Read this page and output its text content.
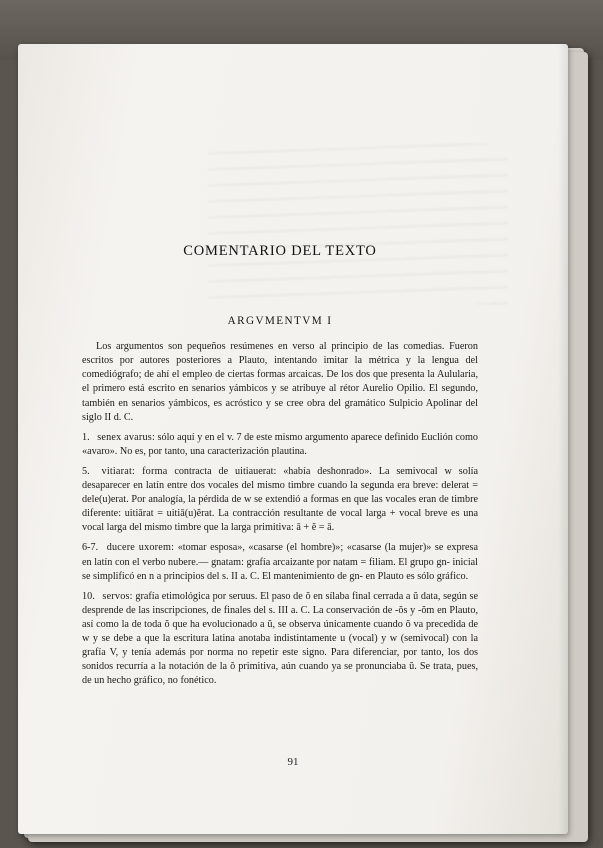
COMENTARIO DEL TEXTO
ARGVMENTVM I

Los argumentos son pequeños resúmenes en verso al principio de las comedias. Fueron escritos por autores posteriores a Plauto, intentando imitar la métrica y la lengua del comediógrafo; de ahí el empleo de ciertas formas arcaicas. De los dos que presenta la Aulularia, el primero está escrito en senarios yámbicos y se atribuye al rétor Aurelio Opilio. El segundo, también en senarios yámbicos, es acróstico y se cree obra del gramático Sulpicio Apolinar del siglo II d. C.

1. senex avarus: sólo aquí y en el v. 7 de este mismo argumento aparece definido Euclión como «avaro». No es, por tanto, una caracterización plautina.

5. vitiarat: forma contracta de uitiauerat: «había deshonrado». La semivocal w solía desaparecer en latín entre dos vocales del mismo timbre cuando la segunda era breve: delerat = dele(u)erat. Por analogía, la pérdida de w se extendió a formas en que las vocales eran de timbre diferente: uitiārat = uitiā(u)ĕrat. La contracción resultante de vocal larga + vocal breve es una vocal larga del mismo timbre que la larga primitiva: ā + ĕ = ā.

6-7. ducere uxorem: «tomar esposa», «casarse (el hombre)»; «casarse (la mujer)» se expresa en latín con el verbo nubere.— gnatam: grafía arcaizante por natam = filiam. El grupo gn- inicial se simplificó en n a principios del s. II a. C. El mantenimiento de gn- en Plauto es sólo gráfico.

10. servos: grafía etimológica por seruus. El paso de ŏ en sílaba final cerrada a ŭ data, según se desprende de las inscripciones, de finales del s. III a. C. La conservación de -ŏs y -ŏm en Plauto, así como la de toda ŏ que ha evolucionado a ŭ, se observa únicamente cuando ŏ va precedida de w y se debe a que la escritura latina anotaba indistintamente u (vocal) y w (semivocal) con la grafía V, y tenía además por norma no repetir este signo. Para diferenciar, por tanto, los dos sonidos recurría a la notación de la ŏ primitiva, aún cuando ya se pronunciaba ŭ. Se trata, pues, de un hecho gráfico, no fonético.

91
